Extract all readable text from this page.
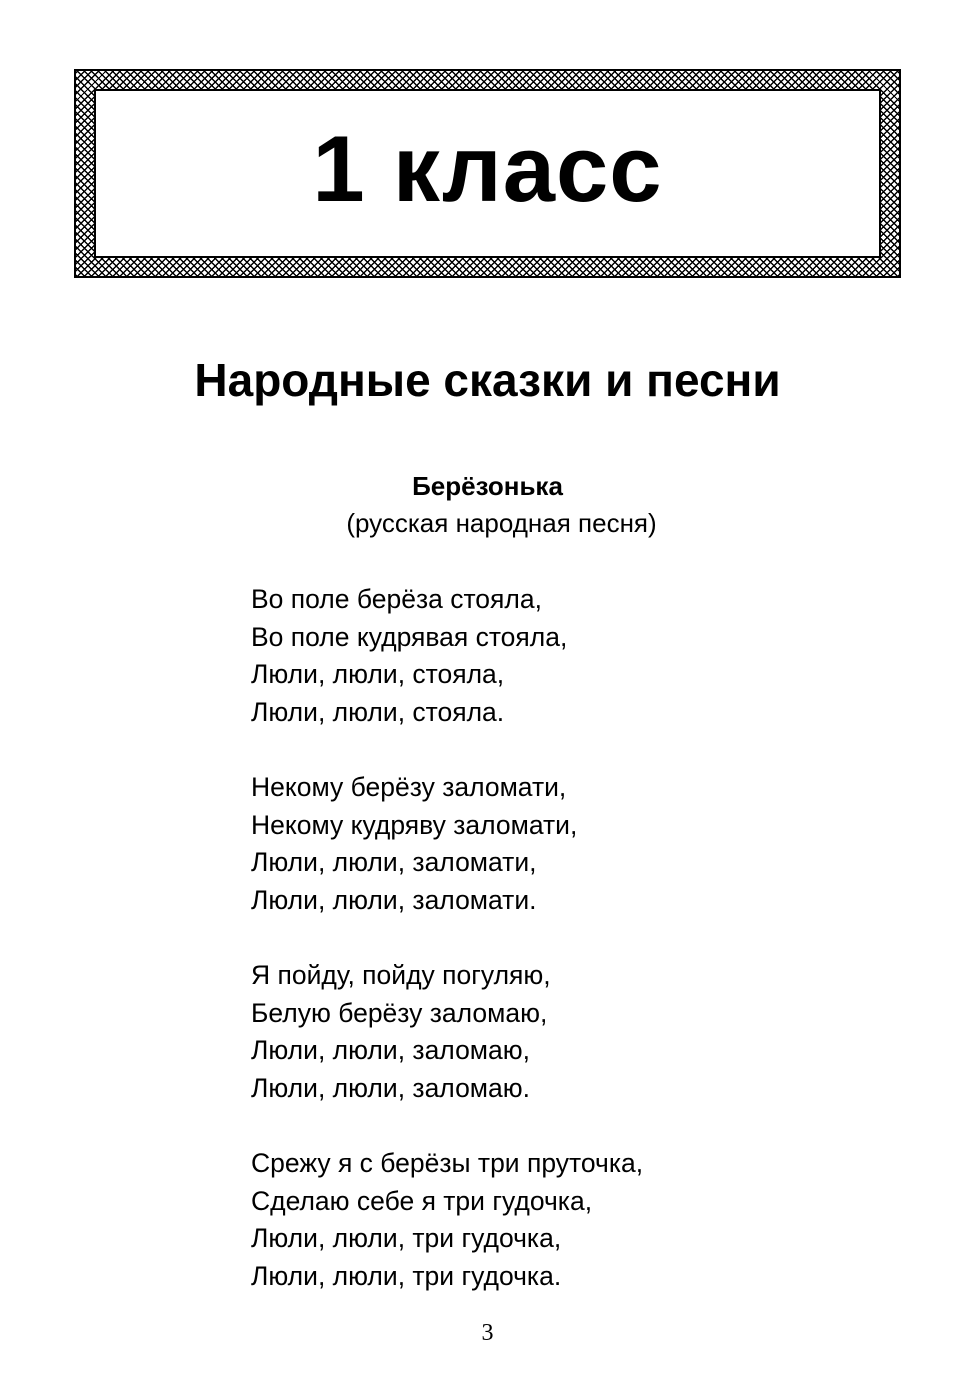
1 класс
Народные сказки и песни
Берёзонька
(русская народная песня)
Во поле берёза стояла,
Во поле кудрявая стояла,
Люли, люли, стояла,
Люли, люли, стояла.
Некому берёзу заломати,
Некому кудряву заломати,
Люли, люли, заломати,
Люли, люли, заломати.
Я пойду, пойду погуляю,
Белую берёзу заломаю,
Люли, люли, заломаю,
Люли, люли, заломаю.
Срежу я с берёзы три пруточка,
Сделаю себе я три гудочка,
Люли, люли, три гудочка,
Люли, люли, три гудочка.
3
